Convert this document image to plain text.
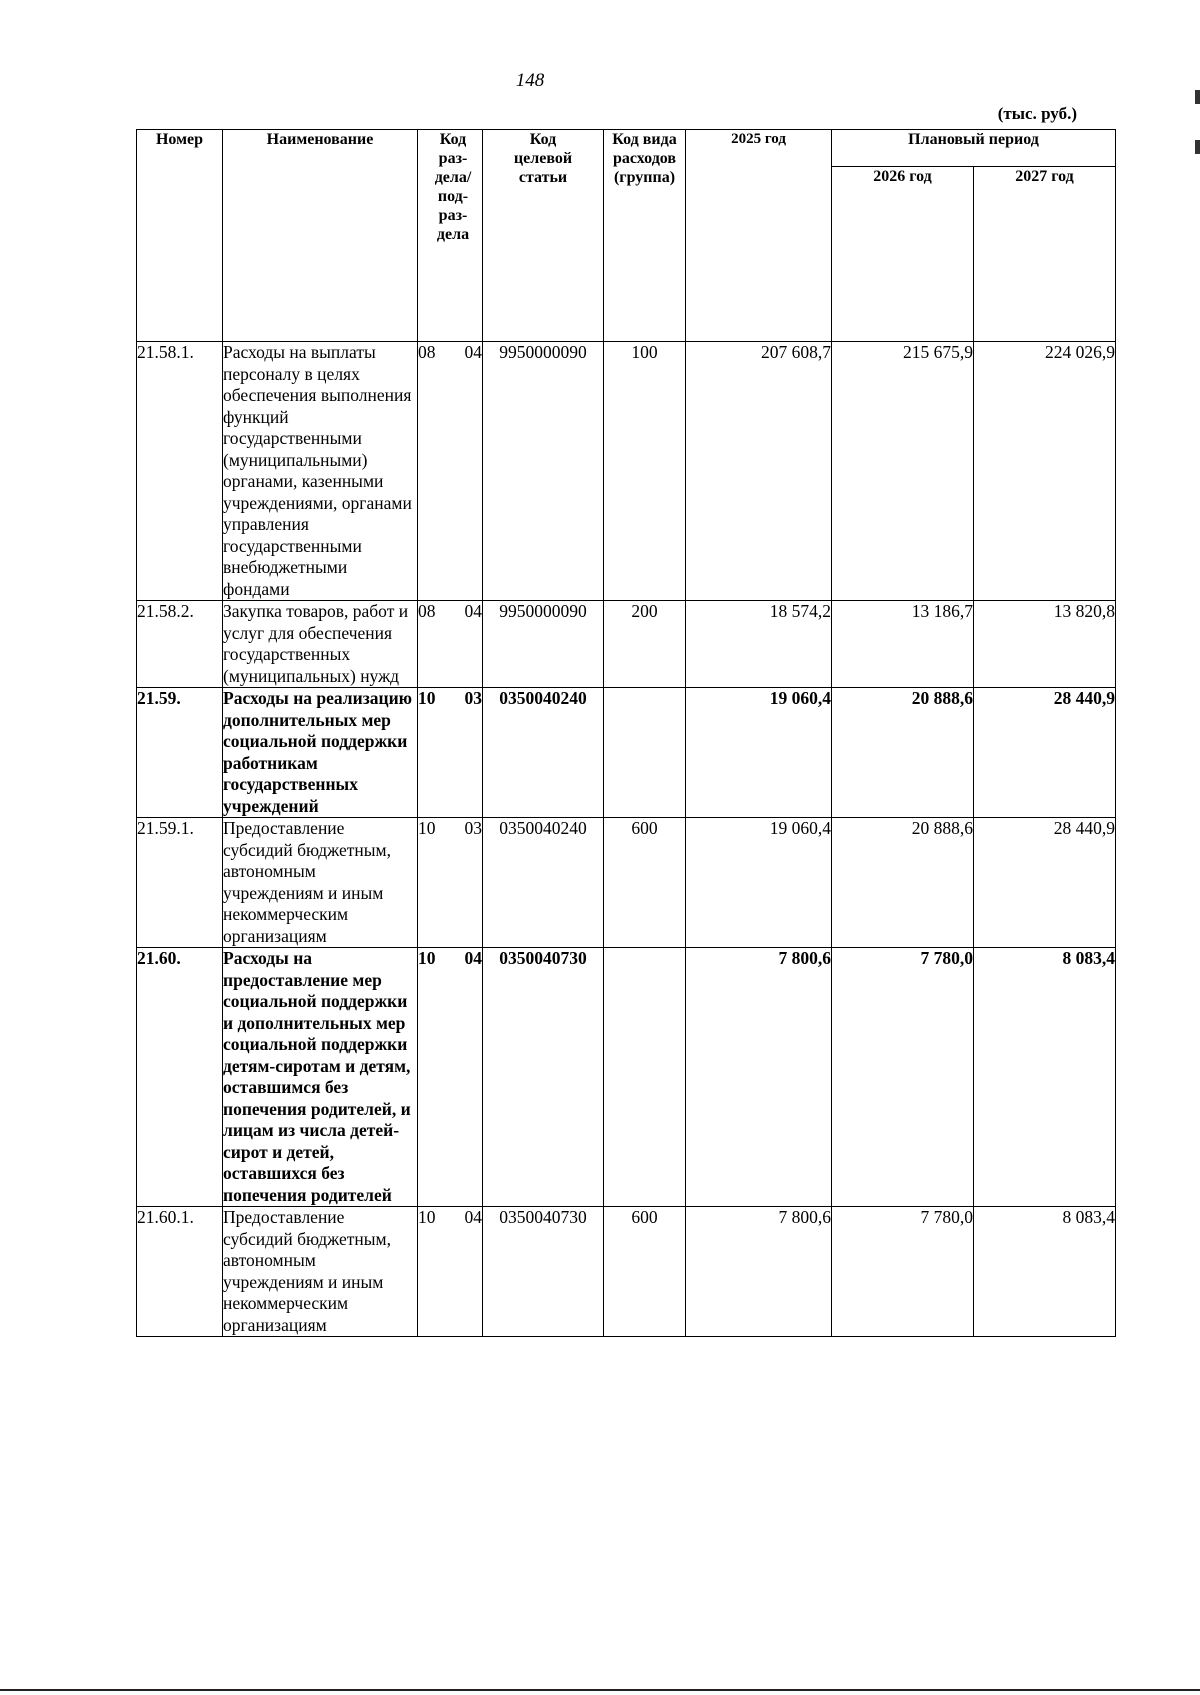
148
(тыс. руб.)
Номер	Наименование	Код раз- дела/ под- раз- дела	Код целевой статьи	Код вида расходов (группа)	2025 год	Плановый период	
						2026 год	2027 год
21.58.1.	Расходы на выплаты персоналу в целях обеспечения выполнения функций государственными (муниципальными) органами, казенными учреждениями, органами управления государственными внебюджетными фондами	08 04	9950000090	100	207 608,7	215 675,9	224 026,9
21.58.2.	Закупка товаров, работ и услуг для обеспечения государственных (муниципальных) нужд	08 04	9950000090	200	18 574,2	13 186,7	13 820,8
21.59.	Расходы на реализацию дополнительных мер социальной поддержки работникам государственных учреждений	10 03	0350040240		19 060,4	20 888,6	28 440,9
21.59.1.	Предоставление субсидий бюджетным, автономным учреждениям и иным некоммерческим организациям	10 03	0350040240	600	19 060,4	20 888,6	28 440,9
21.60.	Расходы на предоставление мер социальной поддержки и дополнительных мер социальной поддержки детям-сиротам и детям, оставшимся без попечения родителей, и лицам из числа детей-сирот и детей, оставшихся без попечения родителей	10 04	0350040730		7 800,6	7 780,0	8 083,4
21.60.1.	Предоставление субсидий бюджетным, автономным учреждениям и иным некоммерческим организациям	10 04	0350040730	600	7 800,6	7 780,0	8 083,4
